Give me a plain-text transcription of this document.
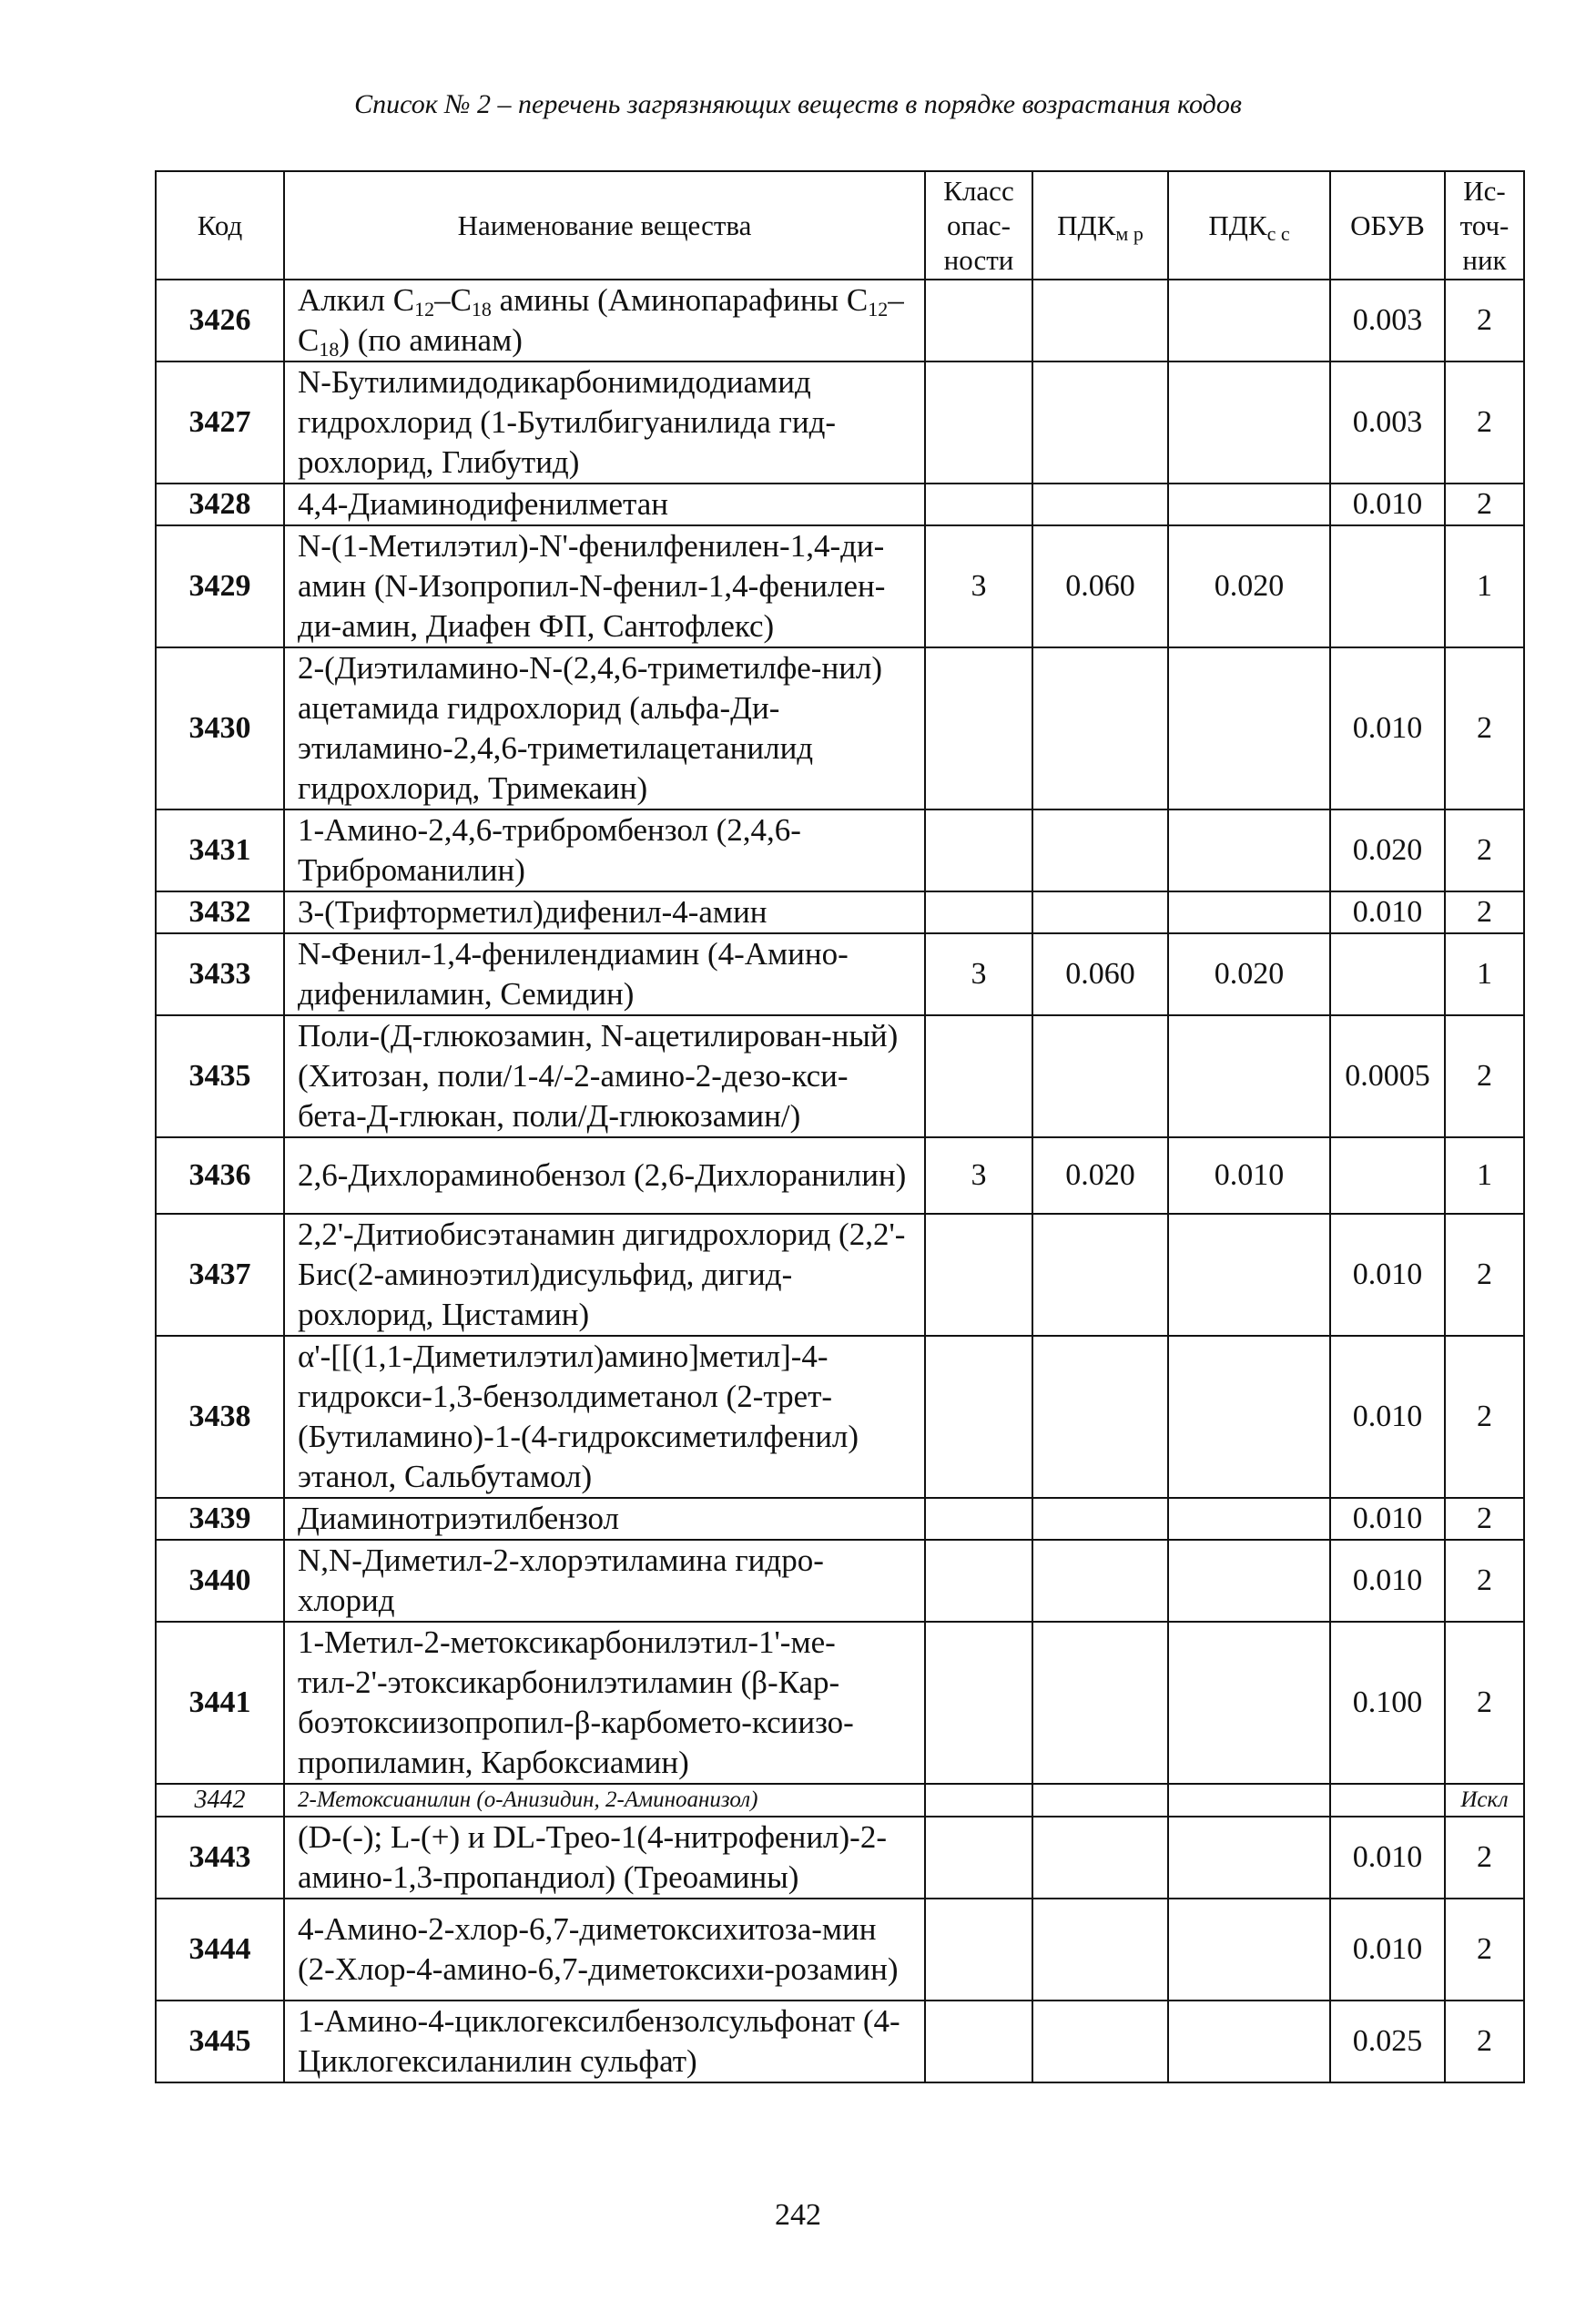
Список № 2 – перечень загрязняющих веществ в порядке возрастания кодов
Код	Наименование вещества	Класс
опас-
ности	$ПДК_{м р}$	$ПДК_{с с}$	ОБУВ	Ис-
точ-
ник
3426	Алкил $C_{12}-C_{18}$ амины (Аминопарафины $C_{12}-C_{18}$) (по аминам)				0.003	2
3427	N-Бутилимидодикарбонимидодиамид гидрохлорид (1-Бутилбигуанилида гид-рохлорид, Глибутид)				0.003	2
3428	4,4-Диаминодифенилметан				0.010	2
3429	N-(1-Метилэтил)-N'-фенилфенилен-1,4-ди-амин (N-Изопропил-N-фенил-1,4-фенилен-ди-амин, Диафен ФП, Сантофлекс)	3	0.060	0.020		1
3430	2-(Диэтиламино-N-(2,4,6-триметилфе-нил) ацетамида гидрохлорид (альфа-Ди-этиламино-2,4,6-триметилацетанилид гидрохлорид, Тримекаин)				0.010	2
3431	1-Амино-2,4,6-трибромбензол (2,4,6-Триброманилин)				0.020	2
3432	3-(Трифторметил)дифенил-4-амин				0.010	2
3433	N-Фенил-1,4-фенилендиамин (4-Амино-дифениламин, Семидин)	3	0.060	0.020		1
3435	Поли-(Д-глюкозамин, N-ацетилирован-ный) (Хитозан, поли/1-4/-2-амино-2-дезо-кси-бета-Д-глюкан, поли/Д-глюкозамин/)				0.0005	2
3436	2,6-Дихлораминобензол (2,6-Дихлоранилин)	3	0.020	0.010		1
3437	2,2'-Дитиобисэтанамин дигидрохлорид (2,2'-Бис(2-аминоэтил)дисульфид, дигид-рохлорид, Цистамин)				0.010	2
3438	α'-[[(1,1-Диметилэтил)амино]метил]-4-гидрокси-1,3-бензолдиметанол (2-трет-(Бутиламино)-1-(4-гидроксиметилфенил) этанол, Сальбутамол)				0.010	2
3439	Диаминотриэтилбензол				0.010	2
3440	N,N-Диметил-2-хлорэтиламина гидро-хлорид				0.010	2
3441	1-Метил-2-метоксикарбонилэтил-1'-ме-тил-2'-этоксикарбонилэтиламин (β-Кар-боэтоксиизопропил-β-карбомето-ксиизо-пропиламин, Карбоксиамин)				0.100	2
3442	2-Метоксианилин (о-Анизидин, 2-Аминоанизол)					Искл
3443	(D-(-); L-(+) и DL-Трео-1(4-нитрофенил)-2-амино-1,3-пропандиол) (Треоамины)				0.010	2
3444	4-Амино-2-хлор-6,7-диметоксихитоза-мин (2-Хлор-4-амино-6,7-диметоксихи-розамин)				0.010	2
3445	1-Амино-4-циклогексилбензолсульфонат (4-Циклогексиланилин сульфат)				0.025	2
242
